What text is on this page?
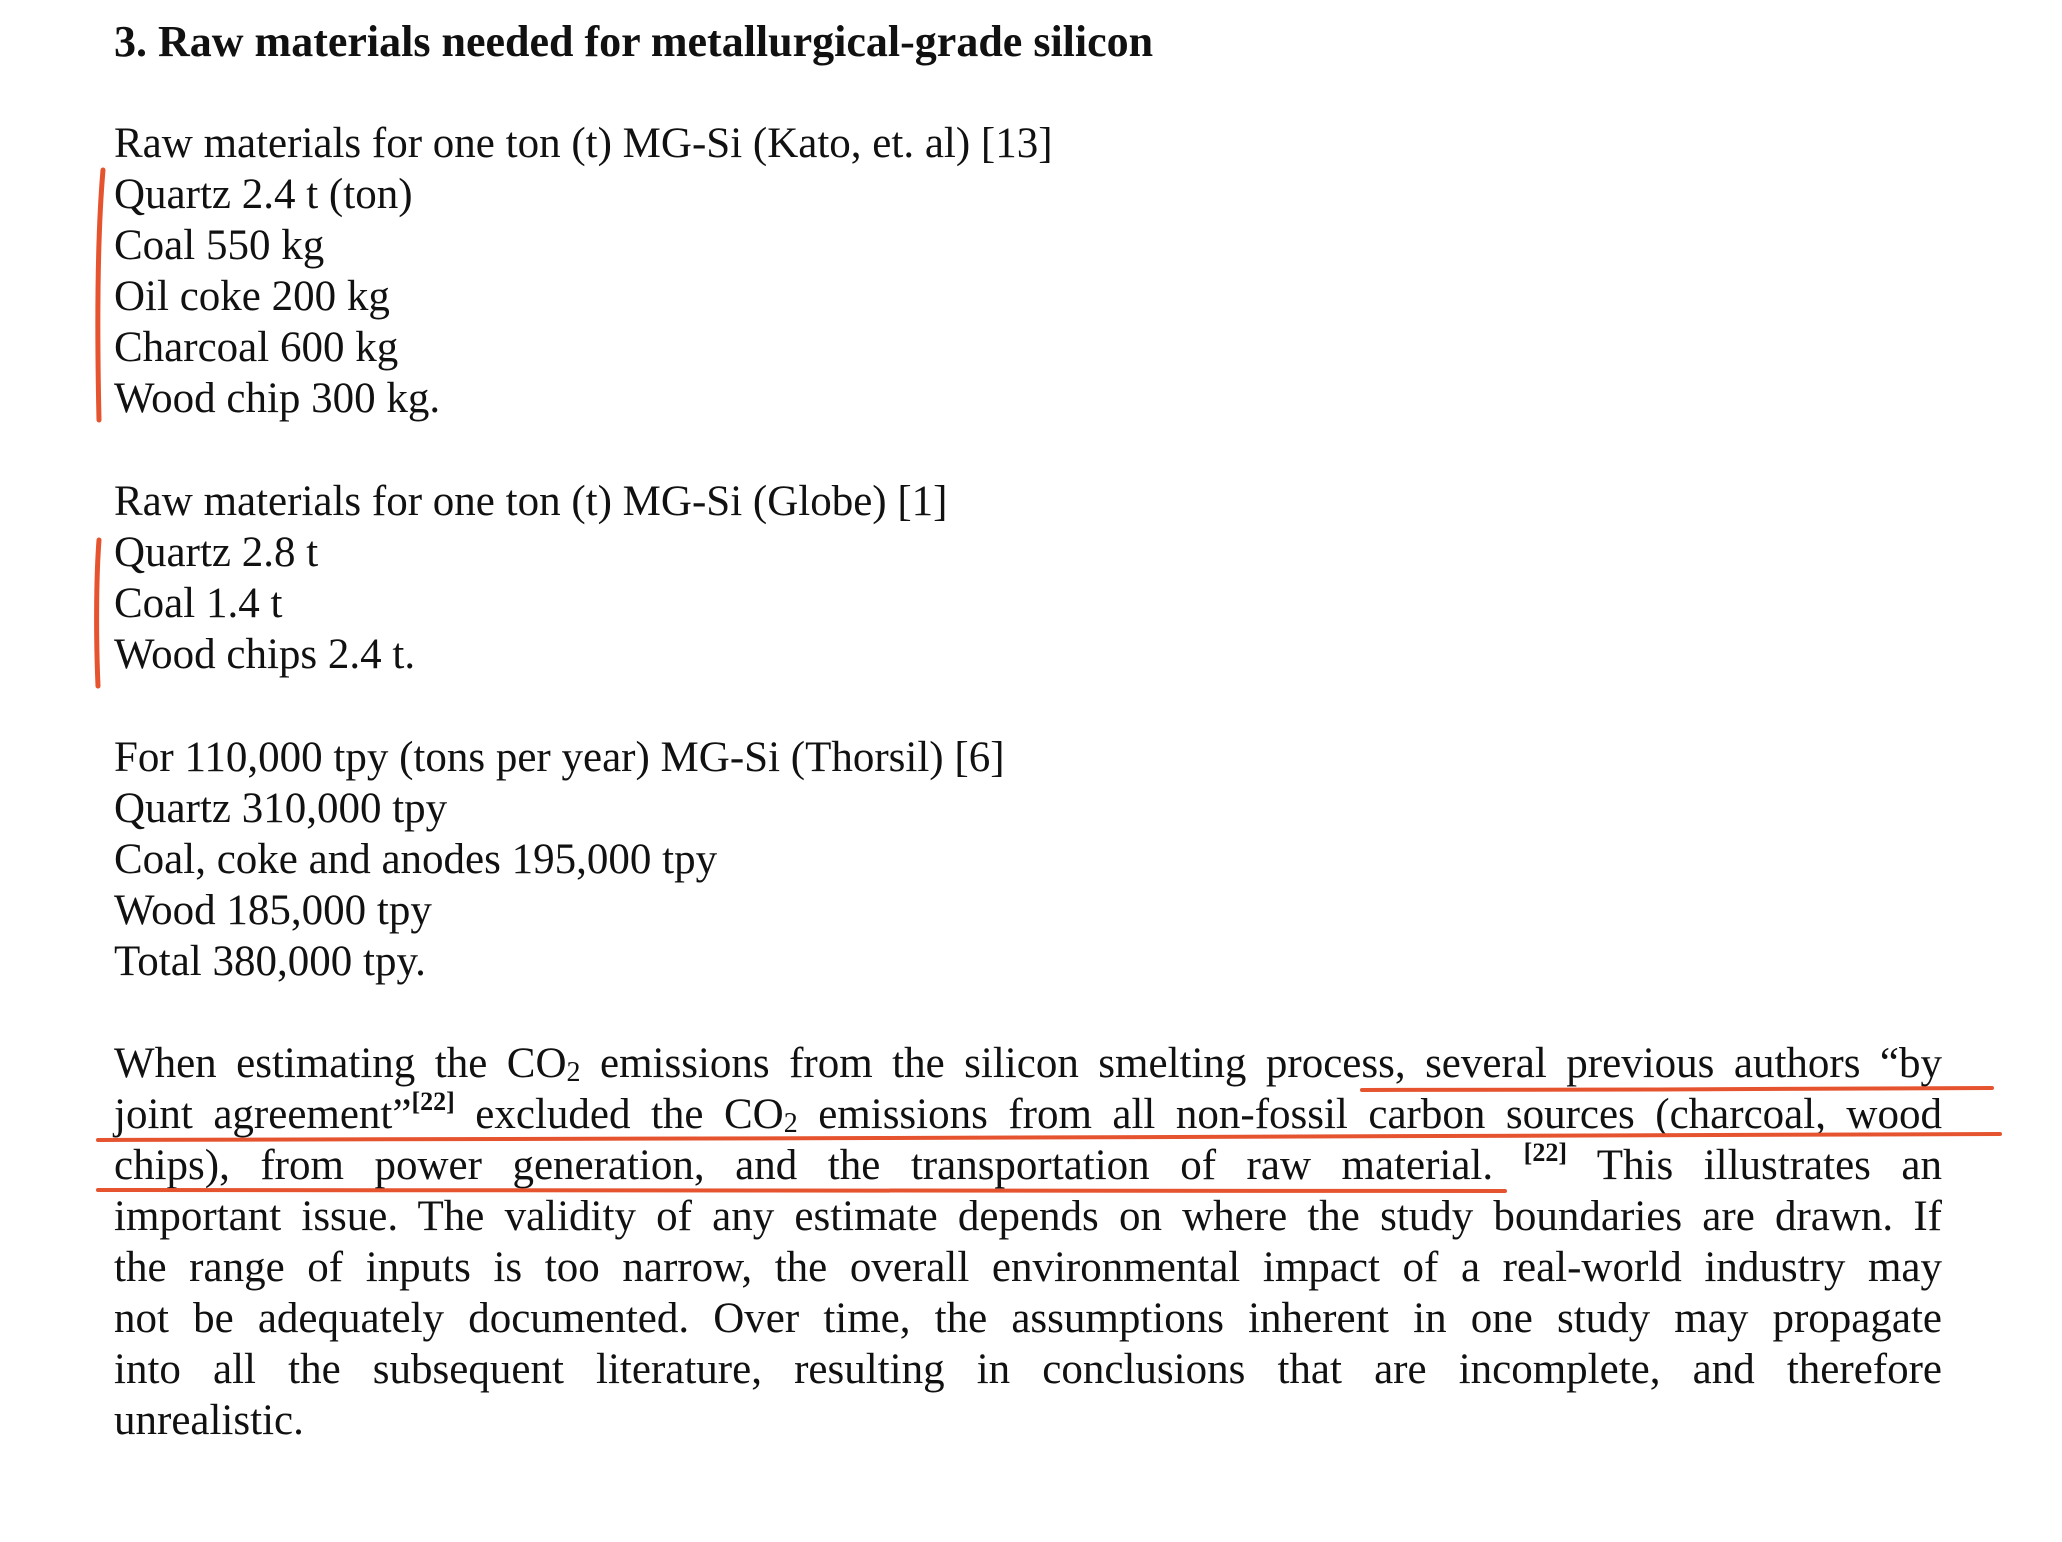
3. Raw materials needed for metallurgical-grade silicon
Raw materials for one ton (t) MG-Si (Kato, et. al) [13]
Quartz 2.4 t (ton)
Coal 550 kg
Oil coke 200 kg
Charcoal 600 kg
Wood chip 300 kg.
Raw materials for one ton (t) MG-Si (Globe) [1]
Quartz 2.8 t
Coal 1.4 t
Wood chips 2.4 t.
For 110,000 tpy (tons per year) MG-Si (Thorsil) [6]
Quartz 310,000 tpy
Coal, coke and anodes 195,000 tpy
Wood 185,000 tpy
Total 380,000 tpy.
When estimating the $CO_2$ emissions from the silicon smelting process, several previous authors “by
joint agreement”[22] excluded the $CO_2$ emissions from all non-fossil carbon sources (charcoal, wood
chips), from power generation, and the transportation of raw material. [22] This illustrates an
important issue. The validity of any estimate depends on where the study boundaries are drawn. If
the range of inputs is too narrow, the overall environmental impact of a real-world industry may
not be adequately documented. Over time, the assumptions inherent in one study may propagate
into all the subsequent literature, resulting in conclusions that are incomplete, and therefore
unrealistic.
